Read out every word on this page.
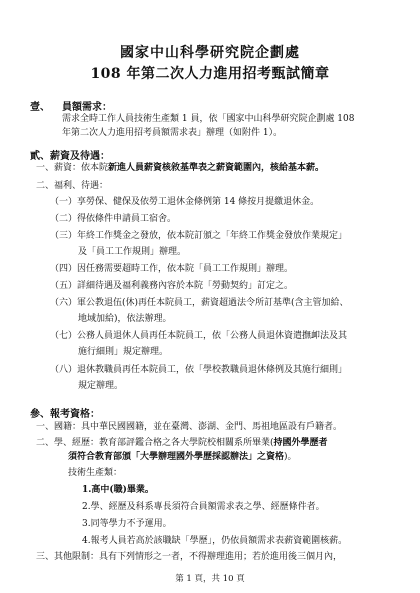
國家中山科學研究院企劃處
108 年第二次人力進用招考甄試簡章
壹、 員額需求：
需求全時工作人員技術生產類 1 員，依「國家中山科學研究院企劃處 108
年第二次人力進用招考員額需求表」辦理（如附件 1）。
貳、薪資及待遇：
一、薪資：依本院新進人員薪資核敘基準表之薪資範圍內，核給基本薪。
二、福利、待遇：
（一）享勞保、健保及依勞工退休金條例第 14 條按月提繳退休金。
（二）得依條件申請員工宿舍。
（三）年終工作獎金之發放，依本院訂頒之「年終工作獎金發放作業規定」
及「員工工作規則」辦理。
（四）因任務需要超時工作，依本院「員工工作規則」辦理。
（五）詳細待遇及福利義務內容於本院「勞動契約」訂定之。
（六）軍公教退伍(休)再任本院員工，薪資超過法令所訂基準(含主管加給、
地域加給)，依法辦理。
（七）公務人員退休人員再任本院員工，依「公務人員退休資遣撫卹法及其
施行細則」規定辦理。
（八）退休教職員再任本院員工，依「學校教職員退休條例及其施行細則」
規定辦理。
參、報考資格：
一、國籍：具中華民國國籍，並在臺灣、澎湖、金門、馬祖地區設有戶籍者。
二、學、經歷：教育部評鑑合格之各大學院校相關系所畢業(持國外學歷者
須符合教育部頒「大學辦理國外學歷採認辦法」之資格)。
技術生產類：
1.高中(職)畢業。
2.學、經歷及科系專長須符合員額需求表之學、經歷條件者。
3.同等學力不予運用。
4.報考人員若高於該職缺「學歷」，仍依員額需求表薪資範圍核薪。
三、其他限制：具有下列情形之一者，不得辦理進用；若於進用後三個月內，
第 1 頁，共 10 頁
